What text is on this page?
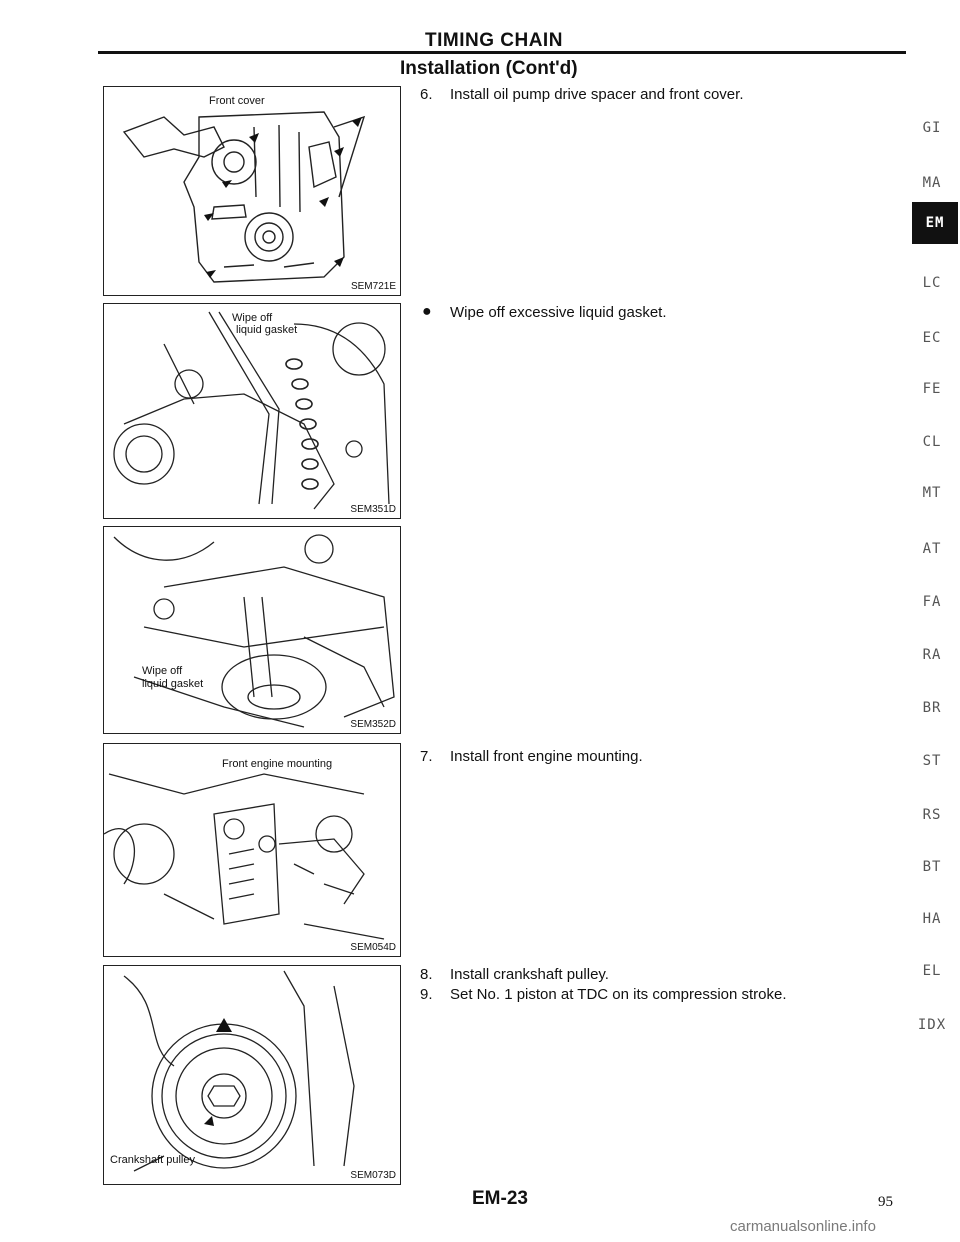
TIMING CHAIN
Installation (Cont'd)
Front cover
SEM721E
Wipe off
liquid gasket
SEM351D
Wipe off
liquid gasket
SEM352D
Front engine mounting
SEM054D
Crankshaft pulley
SEM073D
6. Install oil pump drive spacer and front cover.
● Wipe off excessive liquid gasket.
7. Install front engine mounting.
8. Install crankshaft pulley.
9. Set No. 1 piston at TDC on its compression stroke.
GI
MA
EM
LC
EC
FE
CL
MT
AT
FA
RA
BR
ST
RS
BT
HA
EL
IDX
EM-23	95
carmanualsonline.info
